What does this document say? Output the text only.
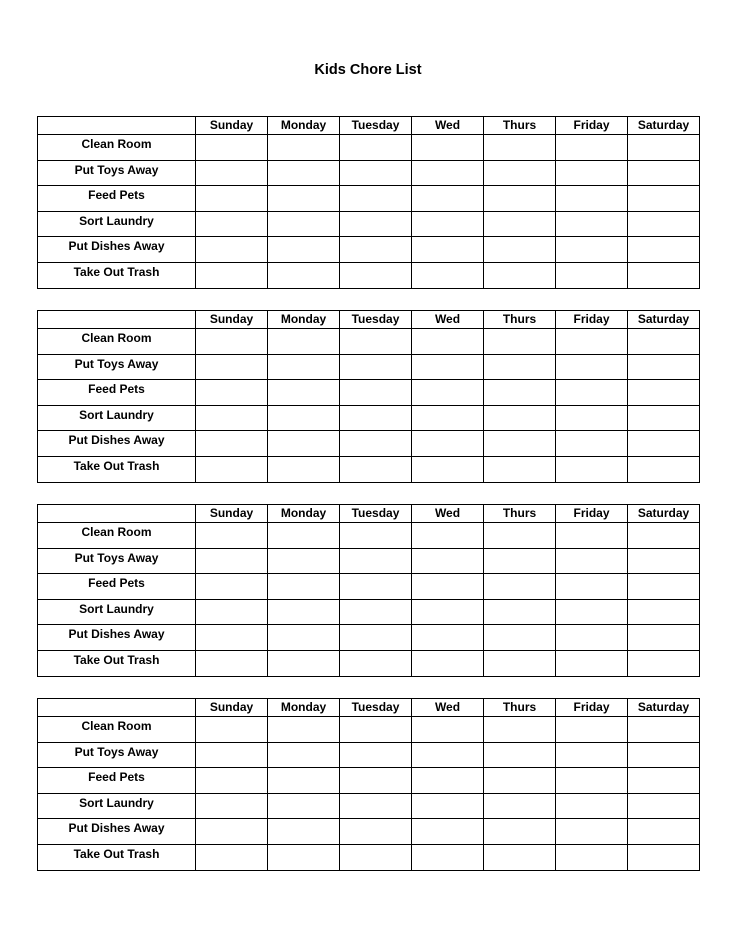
Kids Chore List
	Sunday	Monday	Tuesday	Wed	Thurs	Friday	Saturday
Clean Room							
Put Toys Away							
Feed Pets							
Sort Laundry							
Put Dishes Away							
Take Out Trash							
	Sunday	Monday	Tuesday	Wed	Thurs	Friday	Saturday
Clean Room							
Put Toys Away							
Feed Pets							
Sort Laundry							
Put Dishes Away							
Take Out Trash							
	Sunday	Monday	Tuesday	Wed	Thurs	Friday	Saturday
Clean Room							
Put Toys Away							
Feed Pets							
Sort Laundry							
Put Dishes Away							
Take Out Trash							
	Sunday	Monday	Tuesday	Wed	Thurs	Friday	Saturday
Clean Room							
Put Toys Away							
Feed Pets							
Sort Laundry							
Put Dishes Away							
Take Out Trash							
